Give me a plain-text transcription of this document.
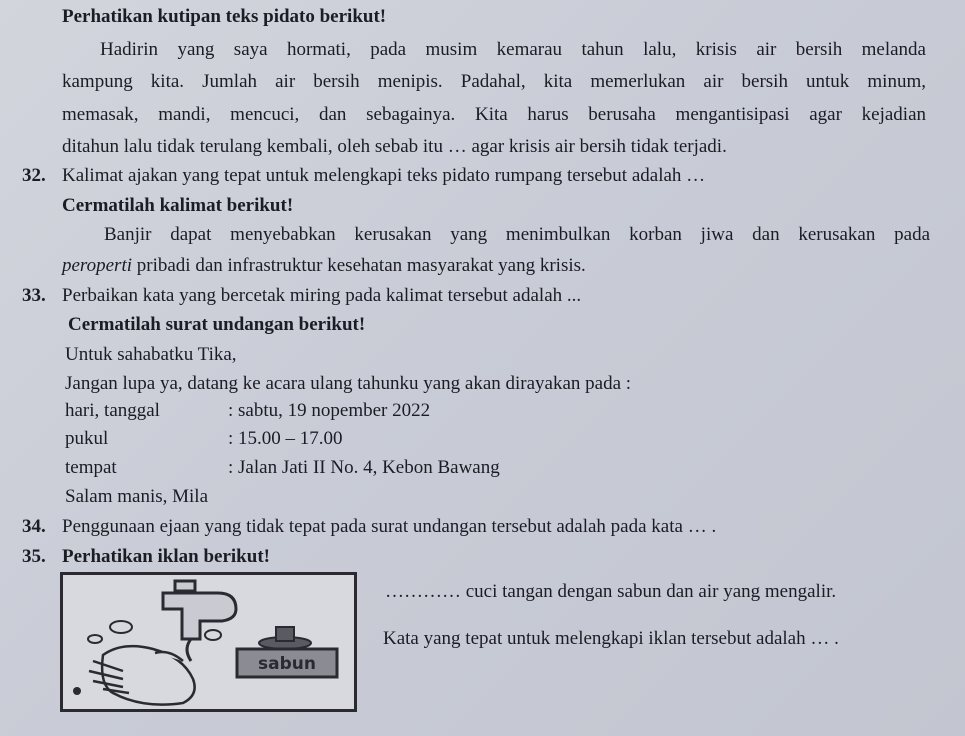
Perhatikan kutipan teks pidato berikut!
Hadirin yang saya hormati, pada musim kemarau tahun lalu, krisis air bersih melanda
kampung kita. Jumlah air bersih menipis. Padahal, kita memerlukan air bersih untuk minum,
memasak, mandi, mencuci, dan sebagainya. Kita harus berusaha mengantisipasi agar kejadian
ditahun lalu tidak terulang kembali, oleh sebab itu … agar krisis air bersih tidak terjadi.
32. Kalimat ajakan yang tepat untuk melengkapi teks pidato rumpang tersebut adalah …
Cermatilah kalimat berikut!
Banjir dapat menyebabkan kerusakan yang menimbulkan korban jiwa dan kerusakan pada
peroperti pribadi dan infrastruktur kesehatan masyarakat yang krisis.
33. Perbaikan kata yang bercetak miring pada kalimat tersebut adalah ...
Cermatilah surat undangan berikut!
Untuk sahabatku Tika,
Jangan lupa ya, datang ke acara ulang tahunku yang akan dirayakan pada :
hari, tanggal	: sabtu, 19 nopember 2022
pukul	: 15.00 – 17.00
tempat	: Jalan Jati II No. 4, Kebon Bawang
Salam manis, Mila
34. Penggunaan ejaan yang tidak tepat pada surat undangan tersebut adalah pada kata … .
35. Perhatikan iklan berikut!
sabun
………… cuci tangan dengan sabun dan air yang mengalir.
Kata yang tepat untuk melengkapi iklan tersebut adalah … .
